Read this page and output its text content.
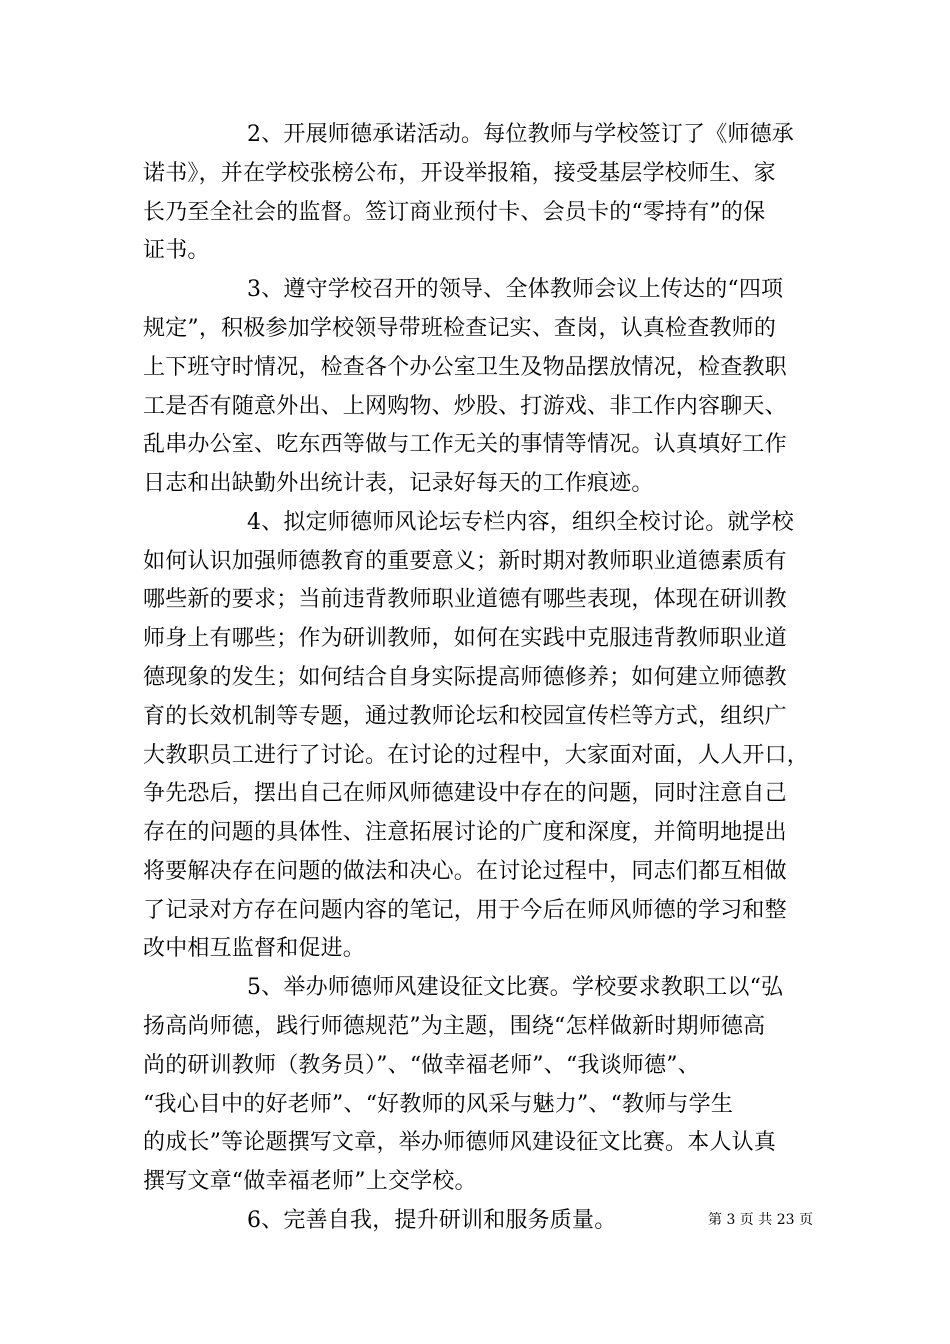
2、开展师德承诺活动。每位教师与学校签订了《师德承
诺书》，并在学校张榜公布，开设举报箱，接受基层学校师生、家
长乃至全社会的监督。签订商业预付卡、会员卡的“零持有”的保
证书。
3、遵守学校召开的领导、全体教师会议上传达的“四项
规定”，积极参加学校领导带班检查记实、查岗，认真检查教师的
上下班守时情况，检查各个办公室卫生及物品摆放情况，检查教职
工是否有随意外出、上网购物、炒股、打游戏、非工作内容聊天、
乱串办公室、吃东西等做与工作无关的事情等情况。认真填好工作
日志和出缺勤外出统计表，记录好每天的工作痕迹。
4、拟定师德师风论坛专栏内容，组织全校讨论。就学校
如何认识加强师德教育的重要意义；新时期对教师职业道德素质有
哪些新的要求；当前违背教师职业道德有哪些表现，体现在研训教
师身上有哪些；作为研训教师，如何在实践中克服违背教师职业道
德现象的发生；如何结合自身实际提高师德修养；如何建立师德教
育的长效机制等专题，通过教师论坛和校园宣传栏等方式，组织广
大教职员工进行了讨论。在讨论的过程中，大家面对面，人人开口，
争先恐后，摆出自己在师风师德建设中存在的问题，同时注意自己
存在的问题的具体性、注意拓展讨论的广度和深度，并简明地提出
将要解决存在问题的做法和决心。在讨论过程中，同志们都互相做
了记录对方存在问题内容的笔记，用于今后在师风师德的学习和整
改中相互监督和促进。
5、举办师德师风建设征文比赛。学校要求教职工以“弘
扬高尚师德，践行师德规范”为主题，围绕“怎样做新时期师德高
尚的研训教师（教务员）”、“做幸福老师”、“我谈师德”、
“我心目中的好老师”、“好教师的风采与魅力”、“教师与学生
的成长”等论题撰写文章，举办师德师风建设征文比赛。本人认真
撰写文章“做幸福老师”上交学校。
6、完善自我，提升研训和服务质量。	第 3 页 共 23 页
